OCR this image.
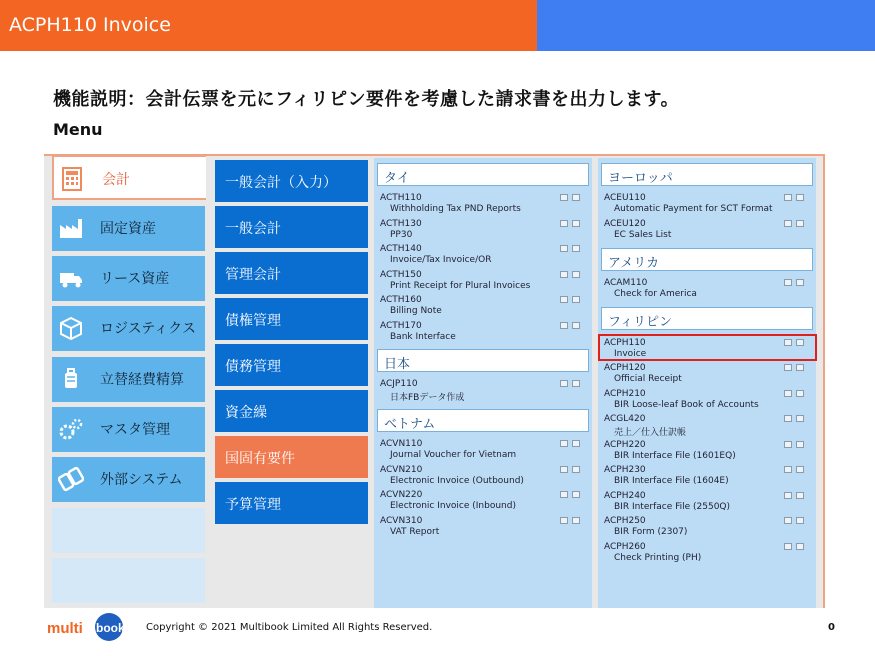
ACPH110 Invoice
機能説明：会計伝票を元にフィリピン要件を考慮した請求書を出力します。
Menu
会計
固定資産
リース資産
ロジスティクス
立替経費精算
マスタ管理
外部システム
一般会計（入力）
一般会計
管理会計
債権管理
債務管理
資金繰
国固有要件
予算管理
タイ
ACTH110
Withholding Tax PND Reports
ACTH130
PP30
ACTH140
Invoice/Tax Invoice/OR
ACTH150
Print Receipt for Plural Invoices
ACTH160
Billing Note
ACTH170
Bank Interface
日本
ACJP110
日本FBデータ作成
ベトナム
ACVN110
Journal Voucher for Vietnam
ACVN210
Electronic Invoice (Outbound)
ACVN220
Electronic Invoice (Inbound)
ACVN310
VAT Report
ヨーロッパ
ACEU110
Automatic Payment for SCT Format
ACEU120
EC Sales List
アメリカ
ACAM110
Check for America
フィリピン
ACPH110
Invoice
ACPH120
Official Receipt
ACPH210
BIR Loose-leaf Book of Accounts
ACGL420
売上／仕入仕訳帳
ACPH220
BIR Interface File (1601EQ)
ACPH230
BIR Interface File (1604E)
ACPH240
BIR Interface File (2550Q)
ACPH250
BIR Form (2307)
ACPH260
Check Printing (PH)
multi book Copyright © 2021 Multibook Limited All Rights Reserved.	0
